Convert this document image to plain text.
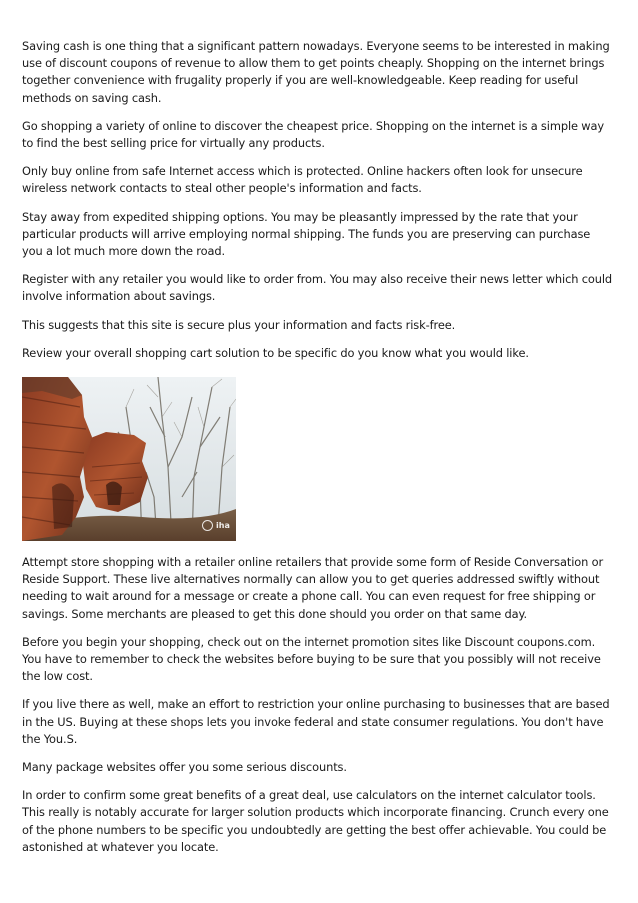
Saving cash is one thing that a significant pattern nowadays. Everyone seems to be interested in making use of discount coupons of revenue to allow them to get points cheaply. Shopping on the internet brings together convenience with frugality properly if you are well-knowledgeable. Keep reading for useful methods on saving cash.

Go shopping a variety of online to discover the cheapest price. Shopping on the internet is a simple way to find the best selling price for virtually any products.

Only buy online from safe Internet access which is protected. Online hackers often look for unsecure wireless network contacts to steal other people's information and facts.

Stay away from expedited shipping options. You may be pleasantly impressed by the rate that your particular products will arrive employing normal shipping. The funds you are preserving can purchase you a lot much more down the road.

Register with any retailer you would like to order from. You may also receive their news letter which could involve information about savings.

This suggests that this site is secure plus your information and facts risk-free.

Review your overall shopping cart solution to be specific do you know what you would like.

iha

Attempt store shopping with a retailer online retailers that provide some form of Reside Conversation or Reside Support. These live alternatives normally can allow you to get queries addressed swiftly without needing to wait around for a message or create a phone call. You can even request for free shipping or savings. Some merchants are pleased to get this done should you order on that same day.

Before you begin your shopping, check out on the internet promotion sites like Discount coupons.com. You have to remember to check the websites before buying to be sure that you possibly will not receive the low cost.

If you live there as well, make an effort to restriction your online purchasing to businesses that are based in the US. Buying at these shops lets you invoke federal and state consumer regulations. You don't have the You.S.

Many package websites offer you some serious discounts.

In order to confirm some great benefits of a great deal, use calculators on the internet calculator tools. This really is notably accurate for larger solution products which incorporate financing. Crunch every one of the phone numbers to be specific you undoubtedly are getting the best offer achievable. You could be astonished at whatever you locate.
